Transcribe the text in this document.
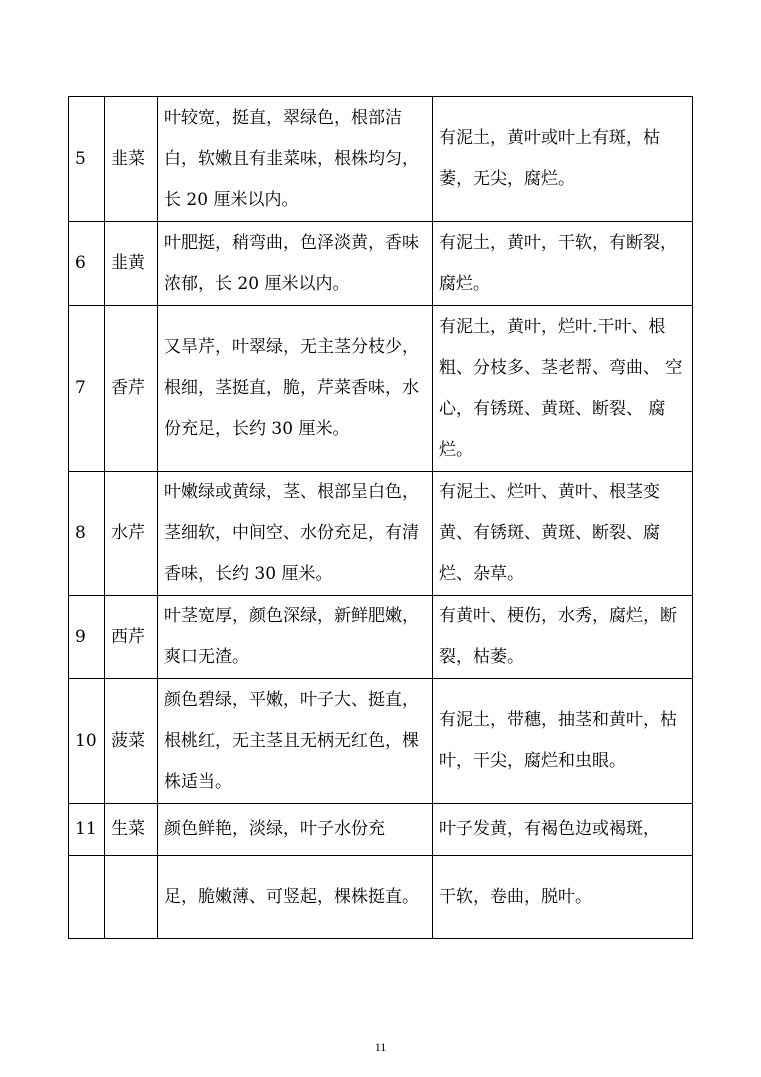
5	韭菜	叶较宽，挺直，翠绿色，根部洁白，软嫩且有韭菜味，根株均匀，长 20 厘米以内。	有泥土，黄叶或叶上有斑，枯萎，无尖，腐烂。
6	韭黄	叶肥挺，稍弯曲，色泽淡黄，香味浓郁，长 20 厘米以内。	有泥土，黄叶，干软，有断裂， 腐烂。
7	香芹	又旱芹，叶翠绿，无主茎分枝少，根细，茎挺直，脆，芹菜香味，水份充足，长约 30 厘米。	有泥土，黄叶，烂叶.干叶、根粗、分枝多、茎老帮、弯曲、 空心，有锈斑、黄斑、断裂、 腐烂。
8	水芹	叶嫩绿或黄绿，茎、根部呈白色，茎细软，中间空、水份充足，有清香味，长约 30 厘米。	有泥土、烂叶、黄叶、根茎变黄、有锈斑、黄斑、断裂、腐烂、杂草。
9	西芹	叶茎宽厚，颜色深绿，新鲜肥嫩，爽口无渣。	有黄叶、梗伤，水秀，腐烂，断裂，枯萎。
10	菠菜	颜色碧绿，平嫩，叶子大、挺直，根桃红，无主茎且无柄无红色，棵株适当。	有泥土，带穗，抽茎和黄叶，枯叶，干尖，腐烂和虫眼。
11	生菜	颜色鲜艳，淡绿，叶子水份充	叶子发黄，有褐色边或褐斑，
		足，脆嫩薄、可竖起，棵株挺直。	干软，卷曲，脱叶。
11
